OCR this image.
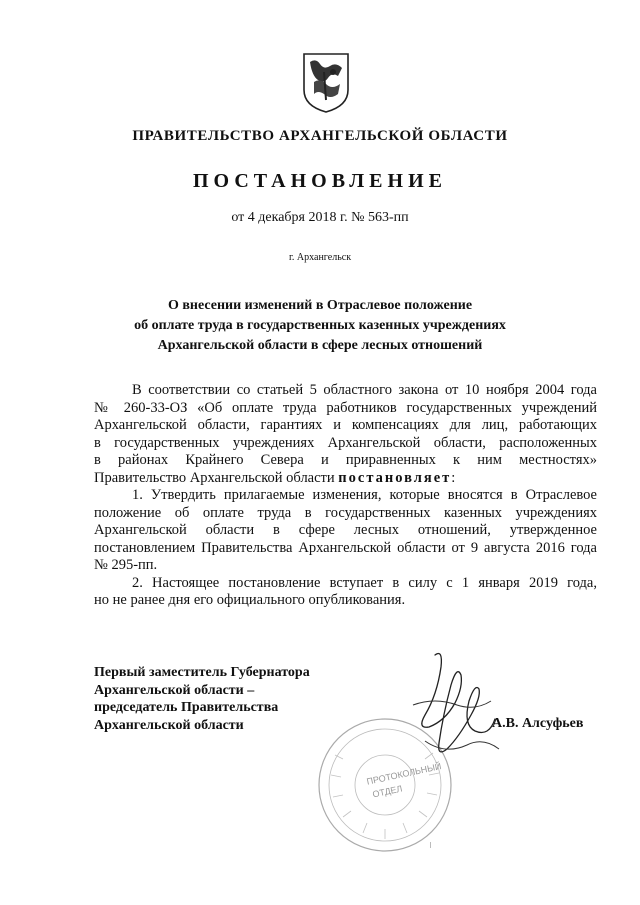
ПРАВИТЕЛЬСТВО АРХАНГЕЛЬСКОЙ ОБЛАСТИ
ПОСТАНОВЛЕНИЕ
от 4 декабря 2018 г. № 563-пп
г. Архангельск
О внесении изменений в Отраслевое положение
об оплате труда в государственных казенных учреждениях
Архангельской области в сфере лесных отношений

В соответствии со статьей 5 областного закона от 10 ноября 2004 года

№ 260-33-ОЗ «Об оплате труда работников государственных учреждений

Архангельской области, гарантиях и компенсациях для лиц, работающих

в государственных учреждениях Архангельской области, расположенных

в районах Крайнего Севера и приравненных к ним местностях»

Правительство Архангельской области постановляет:

1. Утвердить прилагаемые изменения, которые вносятся в Отраслевое

положение об оплате труда в государственных казенных учреждениях

Архангельской области в сфере лесных отношений, утвержденное

постановлением Правительства Архангельской области от 9 августа 2016 года

№ 295-пп.

2. Настоящее постановление вступает в силу с 1 января 2019 года,

но не ранее дня его официального опубликования.

Первый заместитель Губернатора
Архангельской области –
председатель Правительства
Архангельской области	А.В. Алсуфьев
ПРОТОКОЛЬНЫЙ
ОТДЕЛ
